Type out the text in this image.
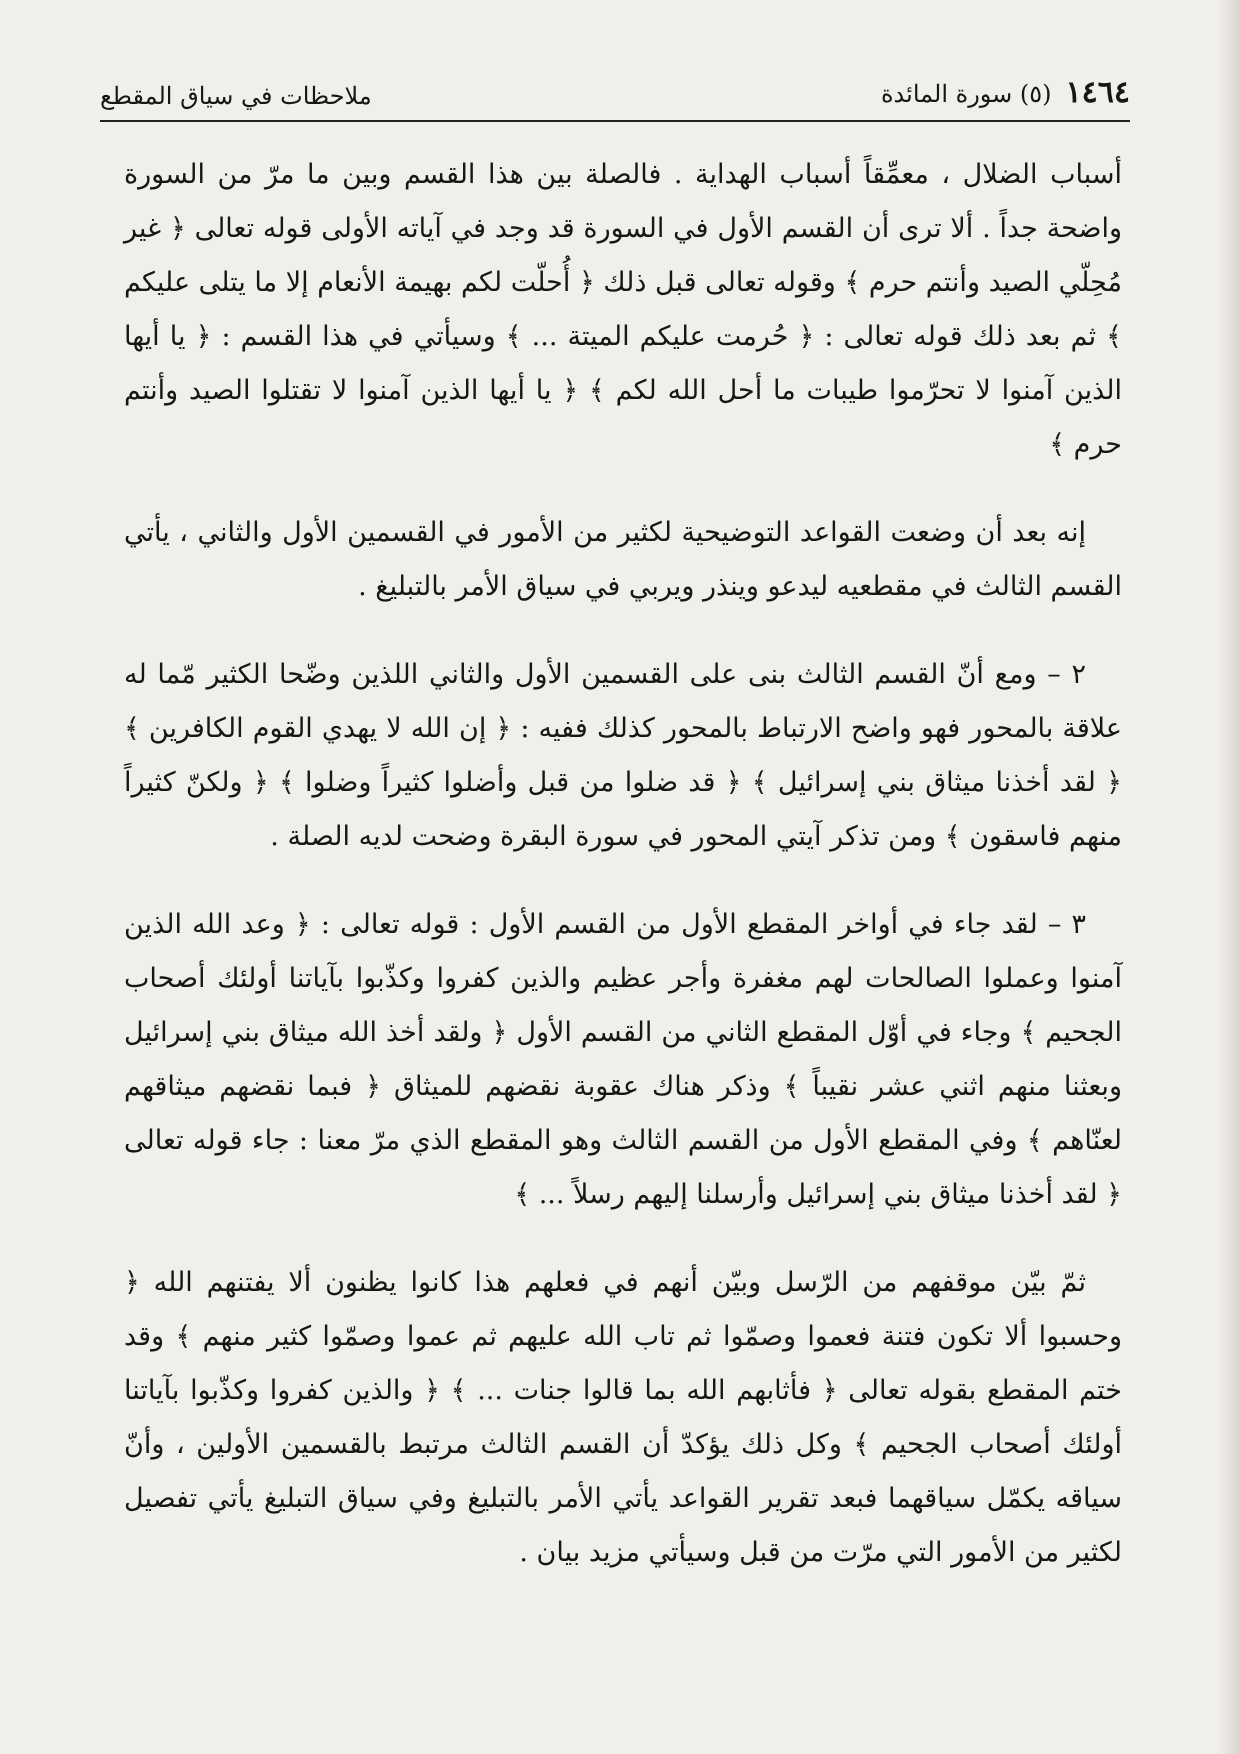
١٤٦٤
(٥) سورة المائدة
ملاحظات في سياق المقطع

أسباب الضلال ، معمِّقاً أسباب الهداية . فالصلة بين هذا القسم وبين ما مرّ من السورة واضحة جداً . ألا ترى أن القسم الأول في السورة قد وجد في آياته الأولى قوله تعالى ﴿ غير مُحِلّي الصيد وأنتم حرم ﴾ وقوله تعالى قبل ذلك ﴿ أُحلّت لكم بهيمة الأنعام إلا ما يتلى عليكم ﴾ ثم بعد ذلك قوله تعالى : ﴿ حُرمت عليكم الميتة ... ﴾ وسيأتي في هذا القسم : ﴿ يا أيها الذين آمنوا لا تحرّموا طيبات ما أحل الله لكم ﴾ ﴿ يا أيها الذين آمنوا لا تقتلوا الصيد وأنتم حرم ﴾

إنه بعد أن وضعت القواعد التوضيحية لكثير من الأمور في القسمين الأول والثاني ، يأتي القسم الثالث في مقطعيه ليدعو وينذر ويربي في سياق الأمر بالتبليغ .

٢ – ومع أنّ القسم الثالث بنى على القسمين الأول والثاني اللذين وضّحا الكثير مّما له علاقة بالمحور فهو واضح الارتباط بالمحور كذلك ففيه : ﴿ إن الله لا يهدي القوم الكافرين ﴾ ﴿ لقد أخذنا ميثاق بني إسرائيل ﴾ ﴿ قد ضلوا من قبل وأضلوا كثيراً وضلوا ﴾ ﴿ ولكنّ كثيراً منهم فاسقون ﴾ ومن تذكر آيتي المحور في سورة البقرة وضحت لديه الصلة .

٣ – لقد جاء في أواخر المقطع الأول من القسم الأول : قوله تعالى : ﴿ وعد الله الذين آمنوا وعملوا الصالحات لهم مغفرة وأجر عظيم والذين كفروا وكذّبوا بآياتنا أولئك أصحاب الجحيم ﴾ وجاء في أوّل المقطع الثاني من القسم الأول ﴿ ولقد أخذ الله ميثاق بني إسرائيل وبعثنا منهم اثني عشر نقيباً ﴾ وذكر هناك عقوبة نقضهم للميثاق ﴿ فبما نقضهم ميثاقهم لعنّاهم ﴾ وفي المقطع الأول من القسم الثالث وهو المقطع الذي مرّ معنا : جاء قوله تعالى ﴿ لقد أخذنا ميثاق بني إسرائيل وأرسلنا إليهم رسلاً ... ﴾

ثمّ بيّن موقفهم من الرّسل وبيّن أنهم في فعلهم هذا كانوا يظنون ألا يفتنهم الله ﴿ وحسبوا ألا تكون فتنة فعموا وصمّوا ثم تاب الله عليهم ثم عموا وصمّوا كثير منهم ﴾ وقد ختم المقطع بقوله تعالى ﴿ فأثابهم الله بما قالوا جنات ... ﴾ ﴿ والذين كفروا وكذّبوا بآياتنا أولئك أصحاب الجحيم ﴾ وكل ذلك يؤكدّ أن القسم الثالث مرتبط بالقسمين الأولين ، وأنّ سياقه يكمّل سياقهما فبعد تقرير القواعد يأتي الأمر بالتبليغ وفي سياق التبليغ يأتي تفصيل لكثير من الأمور التي مرّت من قبل وسيأتي مزيد بيان .
